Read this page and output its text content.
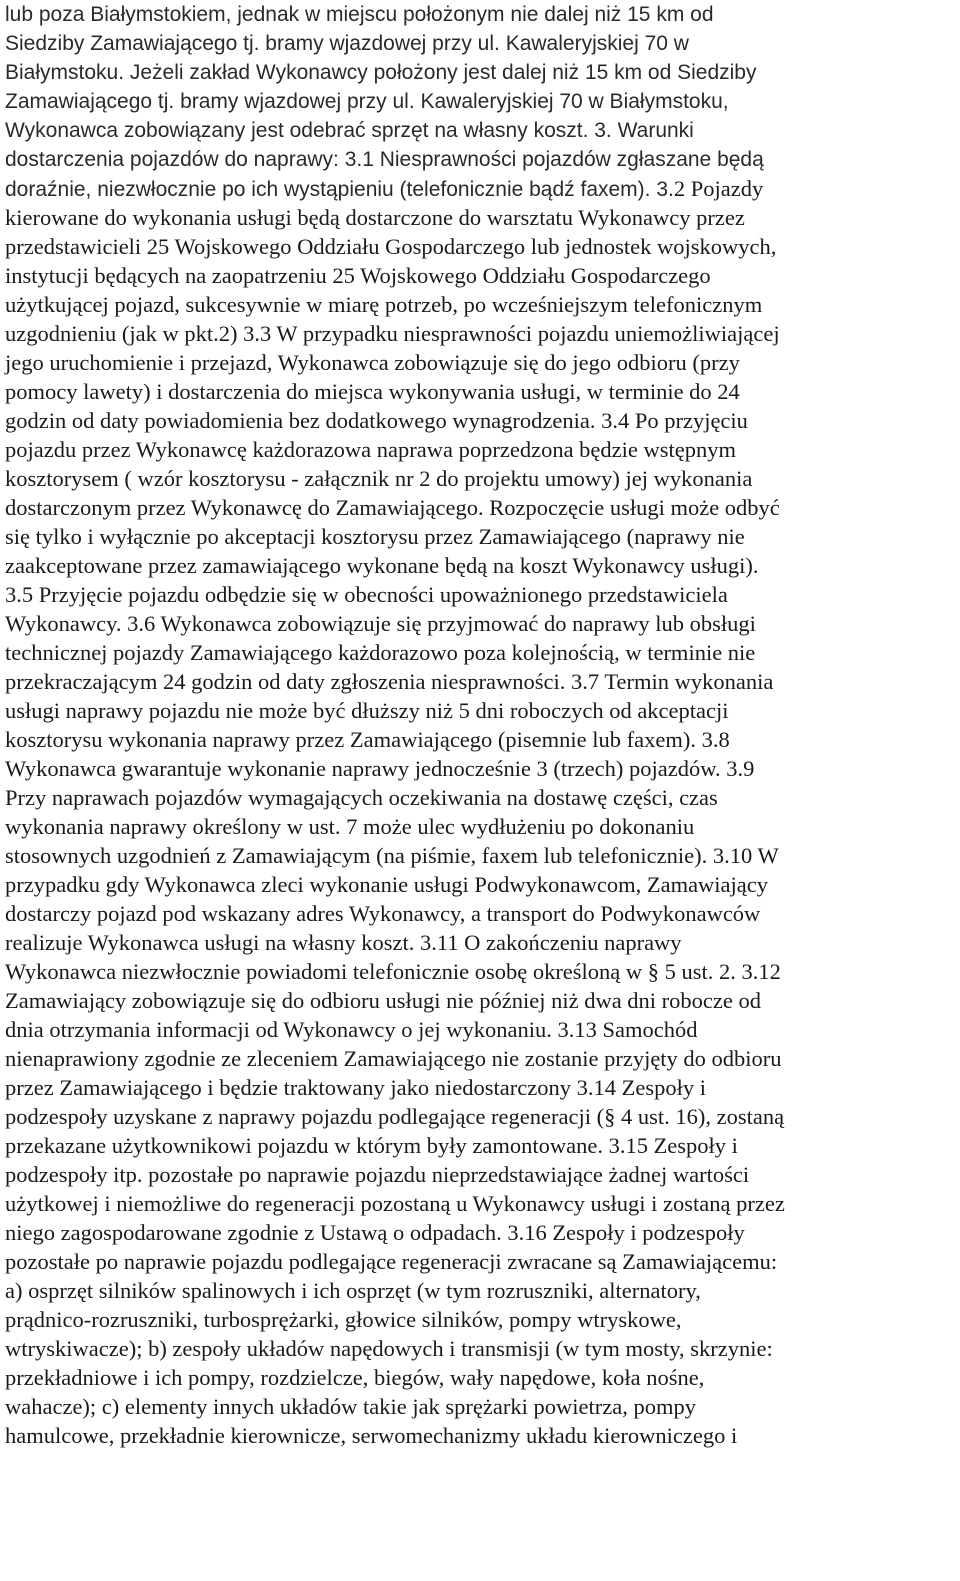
lub poza Białymstokiem, jednak w miejscu położonym nie dalej niż 15 km od
Siedziby Zamawiającego tj. bramy wjazdowej przy ul. Kawaleryjskiej 70 w
Białymstoku. Jeżeli zakład Wykonawcy położony jest dalej niż 15 km od Siedziby
Zamawiającego tj. bramy wjazdowej przy ul. Kawaleryjskiej 70 w Białymstoku,
Wykonawca zobowiązany jest odebrać sprzęt na własny koszt. 3. Warunki
dostarczenia pojazdów do naprawy: 3.1 Niesprawności pojazdów zgłaszane będą
doraźnie, niezwłocznie po ich wystąpieniu (telefonicznie bądź faxem). 3.2 Pojazdy
kierowane do wykonania usługi będą dostarczone do warsztatu Wykonawcy przez
przedstawicieli 25 Wojskowego Oddziału Gospodarczego lub jednostek wojskowych,
instytucji będących na zaopatrzeniu 25 Wojskowego Oddziału Gospodarczego
użytkującej pojazd, sukcesywnie w miarę potrzeb, po wcześniejszym telefonicznym
uzgodnieniu (jak w pkt.2) 3.3 W przypadku niesprawności pojazdu uniemożliwiającej
jego uruchomienie i przejazd, Wykonawca zobowiązuje się do jego odbioru (przy
pomocy lawety) i dostarczenia do miejsca wykonywania usługi, w terminie do 24
godzin od daty powiadomienia bez dodatkowego wynagrodzenia. 3.4 Po przyjęciu
pojazdu przez Wykonawcę każdorazowa naprawa poprzedzona będzie wstępnym
kosztorysem ( wzór kosztorysu - załącznik nr 2 do projektu umowy) jej wykonania
dostarczonym przez Wykonawcę do Zamawiającego. Rozpoczęcie usługi może odbyć
się tylko i wyłącznie po akceptacji kosztorysu przez Zamawiającego (naprawy nie
zaakceptowane przez zamawiającego wykonane będą na koszt Wykonawcy usługi).
3.5 Przyjęcie pojazdu odbędzie się w obecności upoważnionego przedstawiciela
Wykonawcy. 3.6 Wykonawca zobowiązuje się przyjmować do naprawy lub obsługi
technicznej pojazdy Zamawiającego każdorazowo poza kolejnością, w terminie nie
przekraczającym 24 godzin od daty zgłoszenia niesprawności. 3.7 Termin wykonania
usługi naprawy pojazdu nie może być dłuższy niż 5 dni roboczych od akceptacji
kosztorysu wykonania naprawy przez Zamawiającego (pisemnie lub faxem). 3.8
Wykonawca gwarantuje wykonanie naprawy jednocześnie 3 (trzech) pojazdów. 3.9
Przy naprawach pojazdów wymagających oczekiwania na dostawę części, czas
wykonania naprawy określony w ust. 7 może ulec wydłużeniu po dokonaniu
stosownych uzgodnień z Zamawiającym (na piśmie, faxem lub telefonicznie). 3.10 W
przypadku gdy Wykonawca zleci wykonanie usługi Podwykonawcom, Zamawiający
dostarczy pojazd pod wskazany adres Wykonawcy, a transport do Podwykonawców
realizuje Wykonawca usługi na własny koszt. 3.11 O zakończeniu naprawy
Wykonawca niezwłocznie powiadomi telefonicznie osobę określoną w § 5 ust. 2. 3.12
Zamawiający zobowiązuje się do odbioru usługi nie później niż dwa dni robocze od
dnia otrzymania informacji od Wykonawcy o jej wykonaniu. 3.13 Samochód
nienaprawiony zgodnie ze zleceniem Zamawiającego nie zostanie przyjęty do odbioru
przez Zamawiającego i będzie traktowany jako niedostarczony 3.14 Zespoły i
podzespoły uzyskane z naprawy pojazdu podlegające regeneracji (§ 4 ust. 16), zostaną
przekazane użytkownikowi pojazdu w którym były zamontowane. 3.15 Zespoły i
podzespoły itp. pozostałe po naprawie pojazdu nieprzedstawiające żadnej wartości
użytkowej i niemożliwe do regeneracji pozostaną u Wykonawcy usługi i zostaną przez
niego zagospodarowane zgodnie z Ustawą o odpadach. 3.16 Zespoły i podzespoły
pozostałe po naprawie pojazdu podlegające regeneracji zwracane są Zamawiającemu:
a) osprzęt silników spalinowych i ich osprzęt (w tym rozruszniki, alternatory,
prądnico-rozruszniki, turbosprężarki, głowice silników, pompy wtryskowe,
wtryskiwacze); b) zespoły układów napędowych i transmisji (w tym mosty, skrzynie:
przekładniowe i ich pompy, rozdzielcze, biegów, wały napędowe, koła nośne,
wahacze); c) elementy innych układów takie jak sprężarki powietrza, pompy
hamulcowe, przekładnie kierownicze, serwomechanizmy układu kierowniczego i
